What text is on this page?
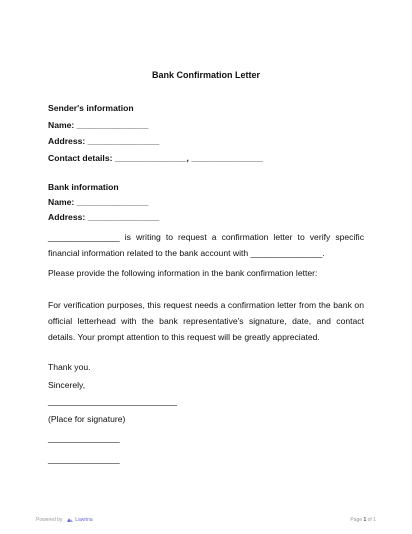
Bank Confirmation Letter
Sender's information
Name: _______________
Address: _______________
Contact details: _______________, _______________
Bank information
Name: _______________
Address: _______________
_______________ is writing to request a confirmation letter to verify specific financial information related to the bank account with _______________.
Please provide the following information in the bank confirmation letter:
For verification purposes, this request needs a confirmation letter from the bank on official letterhead with the bank representative's signature, date, and contact details. Your prompt attention to this request will be greatly appreciated.
Thank you.
Sincerely,
___________________________
(Place for signature)
_______________
_______________
Powered by	Lawrina	Page 1 of 1
